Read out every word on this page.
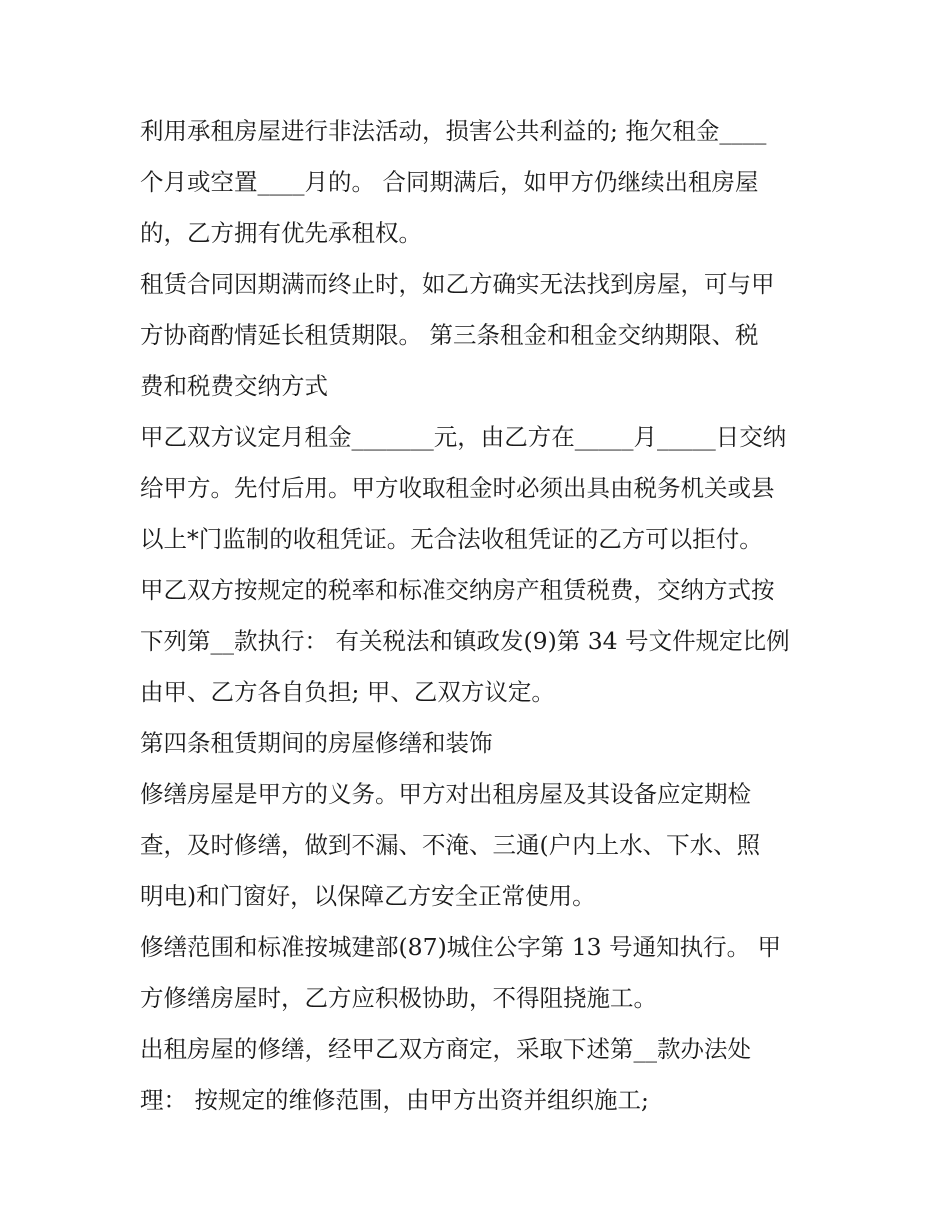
利用承租房屋进行非法活动，损害公共利益的; 拖欠租金____
个月或空置____月的。 合同期满后，如甲方仍继续出租房屋
的，乙方拥有优先承租权。
租赁合同因期满而终止时，如乙方确实无法找到房屋，可与甲
方协商酌情延长租赁期限。 第三条租金和租金交纳期限、税
费和税费交纳方式
甲乙双方议定月租金_______元，由乙方在_____月_____日交纳
给甲方。先付后用。甲方收取租金时必须出具由税务机关或县
以上*门监制的收租凭证。无合法收租凭证的乙方可以拒付。
甲乙双方按规定的税率和标准交纳房产租赁税费，交纳方式按
下列第__款执行： 有关税法和镇政发(9)第 34 号文件规定比例
由甲、乙方各自负担; 甲、乙双方议定。
第四条租赁期间的房屋修缮和装饰
修缮房屋是甲方的义务。甲方对出租房屋及其设备应定期检
查，及时修缮，做到不漏、不淹、三通(户内上水、下水、照
明电)和门窗好，以保障乙方安全正常使用。
修缮范围和标准按城建部(87)城住公字第 13 号通知执行。 甲
方修缮房屋时，乙方应积极协助，不得阻挠施工。
出租房屋的修缮，经甲乙双方商定，采取下述第__款办法处
理： 按规定的维修范围，由甲方出资并组织施工;
